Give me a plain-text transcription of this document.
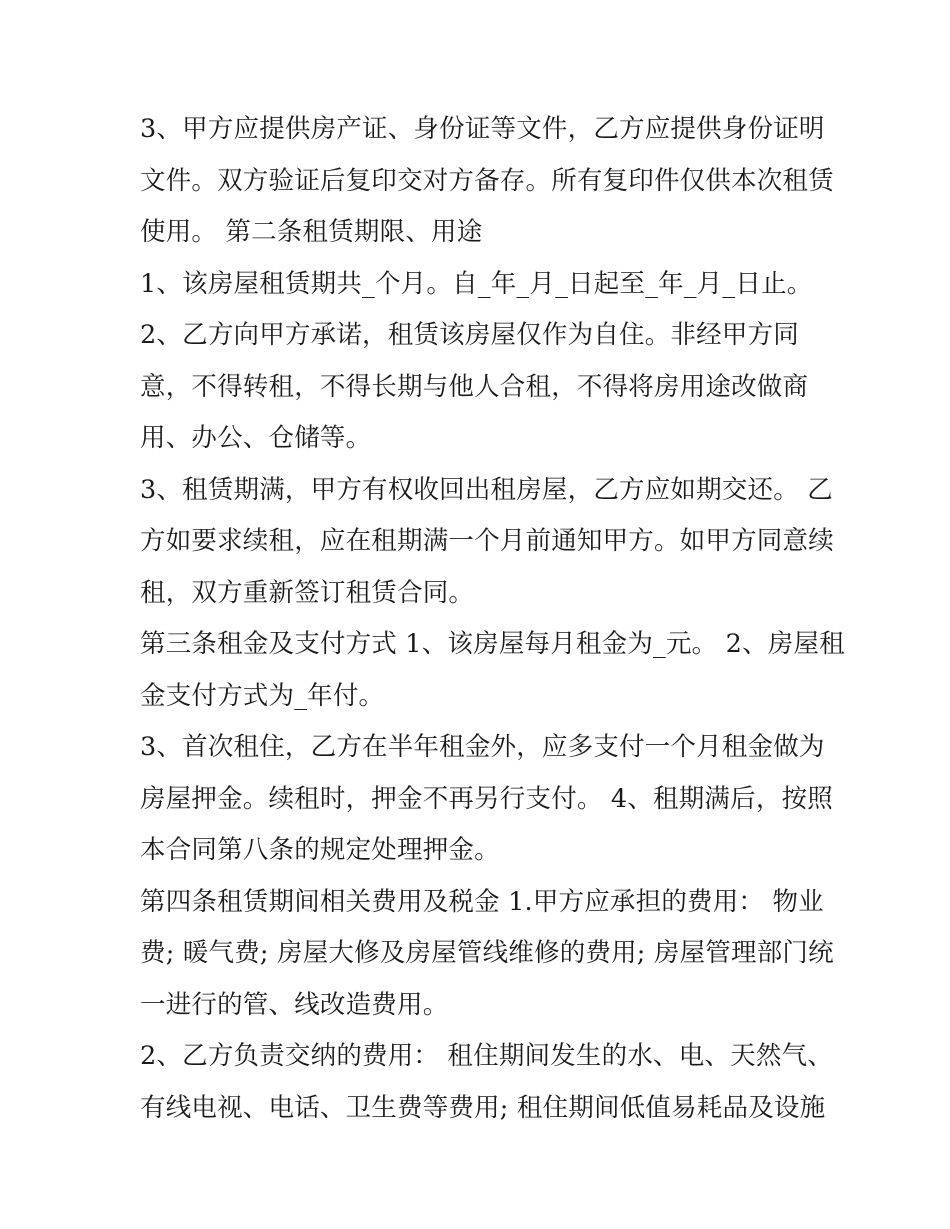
3、甲方应提供房产证、身份证等文件，乙方应提供身份证明
文件。双方验证后复印交对方备存。所有复印件仅供本次租赁
使用。 第二条租赁期限、用途
1、该房屋租赁期共_个月。自_年_月_日起至_年_月_日止。
2、乙方向甲方承诺，租赁该房屋仅作为自住。非经甲方同
意，不得转租，不得长期与他人合租，不得将房用途改做商
用、办公、仓储等。
3、租赁期满，甲方有权收回出租房屋，乙方应如期交还。 乙
方如要求续租，应在租期满一个月前通知甲方。如甲方同意续
租，双方重新签订租赁合同。
第三条租金及支付方式 1、该房屋每月租金为_元。 2、房屋租
金支付方式为_年付。
3、首次租住，乙方在半年租金外，应多支付一个月租金做为
房屋押金。续租时，押金不再另行支付。 4、租期满后，按照
本合同第八条的规定处理押金。
第四条租赁期间相关费用及税金 1.甲方应承担的费用： 物业
费; 暖气费; 房屋大修及房屋管线维修的费用; 房屋管理部门统
一进行的管、线改造费用。
2、乙方负责交纳的费用： 租住期间发生的水、电、天然气、
有线电视、电话、卫生费等费用; 租住期间低值易耗品及设施
